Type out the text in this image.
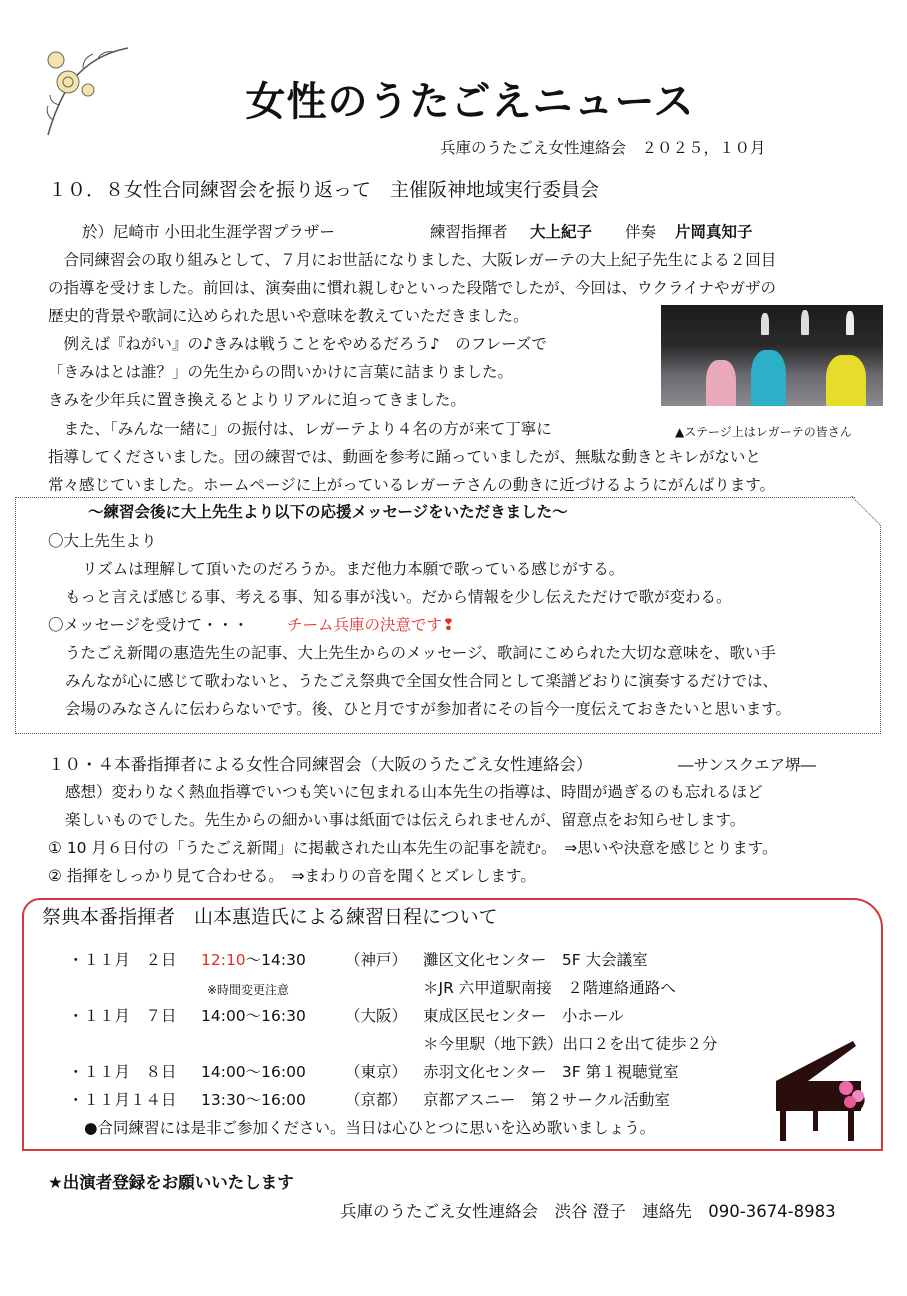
女性のうたごえニュース
兵庫のうたごえ女性連絡会　２０２５，１０月
１０．８女性合同練習会を振り返って　主催阪神地域実行委員会
於）尼崎市 小田北生涯学習プラザー	練習指揮者 大上紀子 伴奏 片岡真知子
　合同練習会の取り組みとして、７月にお世話になりました、大阪レガーテの大上紀子先生による２回目
の指導を受けました。前回は、演奏曲に慣れ親しむといった段階でしたが、今回は、ウクライナやガザの
歴史的背景や歌詞に込められた思いや意味を教えていただきました。
　例えば『ねがい』の♪きみは戦うことをやめるだろう♪　のフレーズで
「きみはとは誰？」の先生からの問いかけに言葉に詰まりました。
きみを少年兵に置き換えるとよりリアルに迫ってきました。
　また、「みんな一緒に」の振付は、レガーテより４名の方が来て丁寧に
指導してくださいました。団の練習では、動画を参考に踊っていましたが、無駄な動きとキレがないと
常々感じていました。ホームページに上がっているレガーテさんの動きに近づけるようにがんばります。
▲ステージ上はレガーテの皆さん
～練習会後に大上先生より以下の応援メッセージをいただきました～
〇大上先生より
リズムは理解して頂いたのだろうか。まだ他力本願で歌っている感じがする。
もっと言えば感じる事、考える事、知る事が浅い。だから情報を少し伝えただけで歌が変わる。
〇メッセージを受けて・・・ チーム兵庫の決意です❢
うたごえ新聞の惠造先生の記事、大上先生からのメッセージ、歌詞にこめられた大切な意味を、歌い手
みんなが心に感じて歌わないと、うたごえ祭典で全国女性合同として楽譜どおりに演奏するだけでは、
会場のみなさんに伝わらないです。後、ひと月ですが参加者にその旨今一度伝えておきたいと思います。
１０・４本番指揮者による女性合同練習会（大阪のうたごえ女性連絡会）	―サンスクエア堺―
感想）変わりなく熱血指導でいつも笑いに包まれる山本先生の指導は、時間が過ぎるのも忘れるほど
楽しいものでした。先生からの細かい事は紙面では伝えられませんが、留意点をお知らせします。
① 10 月６日付の「うたごえ新聞」に掲載された山本先生の記事を読む。　⇒思いや決意を感じとります。
② 指揮をしっかり見て合わせる。　⇒まわりの音を聞くとズレします。
祭典本番指揮者　山本惠造氏による練習日程について
・１１月　２日 12:10～14:30	（神戸） 灘区文化センター　5F 大会議室
※時間変更注意	＊JR 六甲道駅南接　２階連絡通路へ
・１１月　７日 14:00～16:30	（大阪） 東成区民センター　小ホール
＊今里駅（地下鉄）出口２を出て徒歩２分
・１１月　８日 14:00～16:00	（東京） 赤羽文化センター　3F 第１視聴覚室
・１１月１４日 13:30～16:00	（京都） 京都アスニー　第２サークル活動室
●合同練習には是非ご参加ください。当日は心ひとつに思いを込め歌いましょう。
★出演者登録をお願いいたします
兵庫のうたごえ女性連絡会　渋谷 澄子　連絡先　090-3674-8983
